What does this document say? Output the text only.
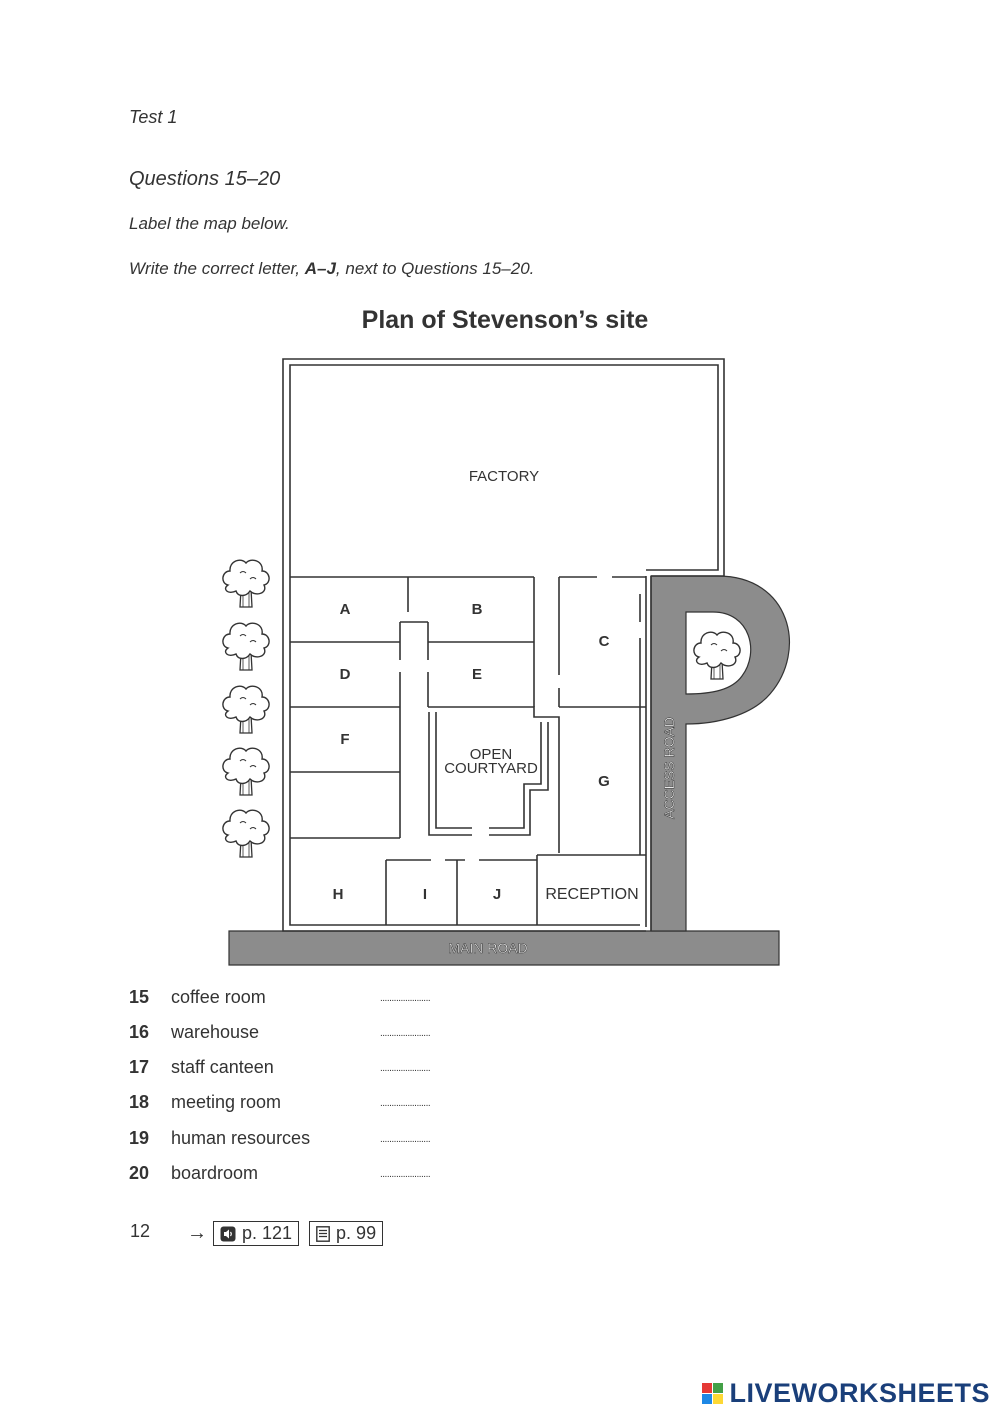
Test 1
Questions 15–20
Label the map below.
Write the correct letter, A–J, next to Questions 15–20.
Plan of Stevenson’s site
FACTORY
A	B
C
D	E
F
OPEN
COURTYARD
G
H	I	J	RECEPTION
MAIN ROAD
ACCESS ROAD
15	coffee room	......................
16	warehouse	......................
17	staff canteen	......................
18	meeting room	......................
19	human resources	......................
20	boardroom	......................
12 → p. 121 p. 99
LIVEWORKSHEETS
